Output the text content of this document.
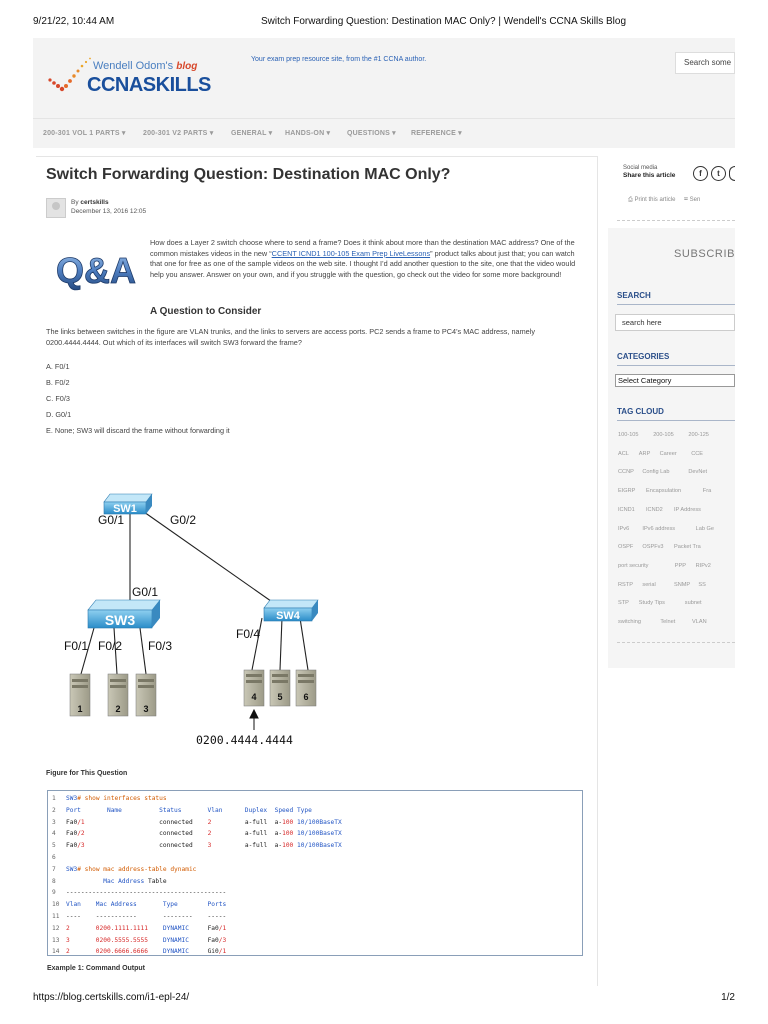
9/21/22, 10:44 AM	Switch Forwarding Question: Destination MAC Only? | Wendell's CCNA Skills Blog
https://blog.certskills.com/i1-epl-24/	1/2
Wendell Odom's blog
CCNASKILLS
Your exam prep resource site, from the #1 CCNA author.	Search some
200-301 VOL 1 PARTS ▾ 200-301 V2 PARTS ▾	GENERAL ▾ HANDS-ON ▾ QUESTIONS ▾ REFERENCE ▾
Switch Forwarding Question: Destination MAC Only?
By certskills
December 13, 2016 12:05
Q&A

How does a Layer 2 switch choose where to send a frame? Does it think about more than the destination MAC address? One of the common mistakes videos in the new “CCENT ICND1 100-105 Exam Prep LiveLessons” product talks about just that; you can watch that one for free as one of the sample videos on the web site. I thought I’d add another question to the site, one that the video would help you answer. Answer on your own, and if you struggle with the question, go check out the video for some more background!

A Question to Consider

The links between switches in the figure are VLAN trunks, and the links to servers are access ports. PC2 sends a frame to PC4’s MAC address, namely 0200.4444.4444. Out which of its interfaces will switch SW3 forward the frame?

A. F0/1
B. F0/2
C. F0/3
D. G0/1
E. None; SW3 will discard the frame without forwarding it
SW1
SW3	SW4
G0/1	G0/2
G0/1
F0/1 F0/2 F0/3
F0/4
1	2	3
4 5 6
0200.4444.4444
Figure for This Question
1 SW3# show interfaces status
2 Port       Name          Status       Vlan      Duplex  Speed Type
3 Fa0/1                    connected    2         a-full  a-100 10/100BaseTX
4 Fa0/2                    connected    2         a-full  a-100 10/100BaseTX
5 Fa0/3                    connected    3         a-full  a-100 10/100BaseTX
6
7 SW3# show mac address-table dynamic
8	Mac Address Table
9 -------------------------------------------
10 Vlan    Mac Address       Type        Ports
11 ----    -----------       --------    -----
12 2       0200.1111.1111    DYNAMIC     Fa0/1
13 3       0200.5555.5555    DYNAMIC     Fa0/3
14 2       0200.6666.6666    DYNAMIC     Gi0/1
Example 1: Command Output
Social media
Share this article	f	t
⎙ Print this article ✉ Sen
SUBSCRIB
SEARCH
search here
CATEGORIES
Select Category
TAG CLOUD
100-105	200-105	200-125
ACL ARP Career	CCE
CCNP Config Lab	DevNet
EIGRP Encapsulation	Fra
ICND1 ICND2 IP Address
IPv6 IPv6 address	Lab Ge
OSPF OSPFv3 Packet Tra
port security	PPP RIPv2
RSTP serial	SNMP SS
STP Study Tips	subnet
switching	Telnet	VLAN
